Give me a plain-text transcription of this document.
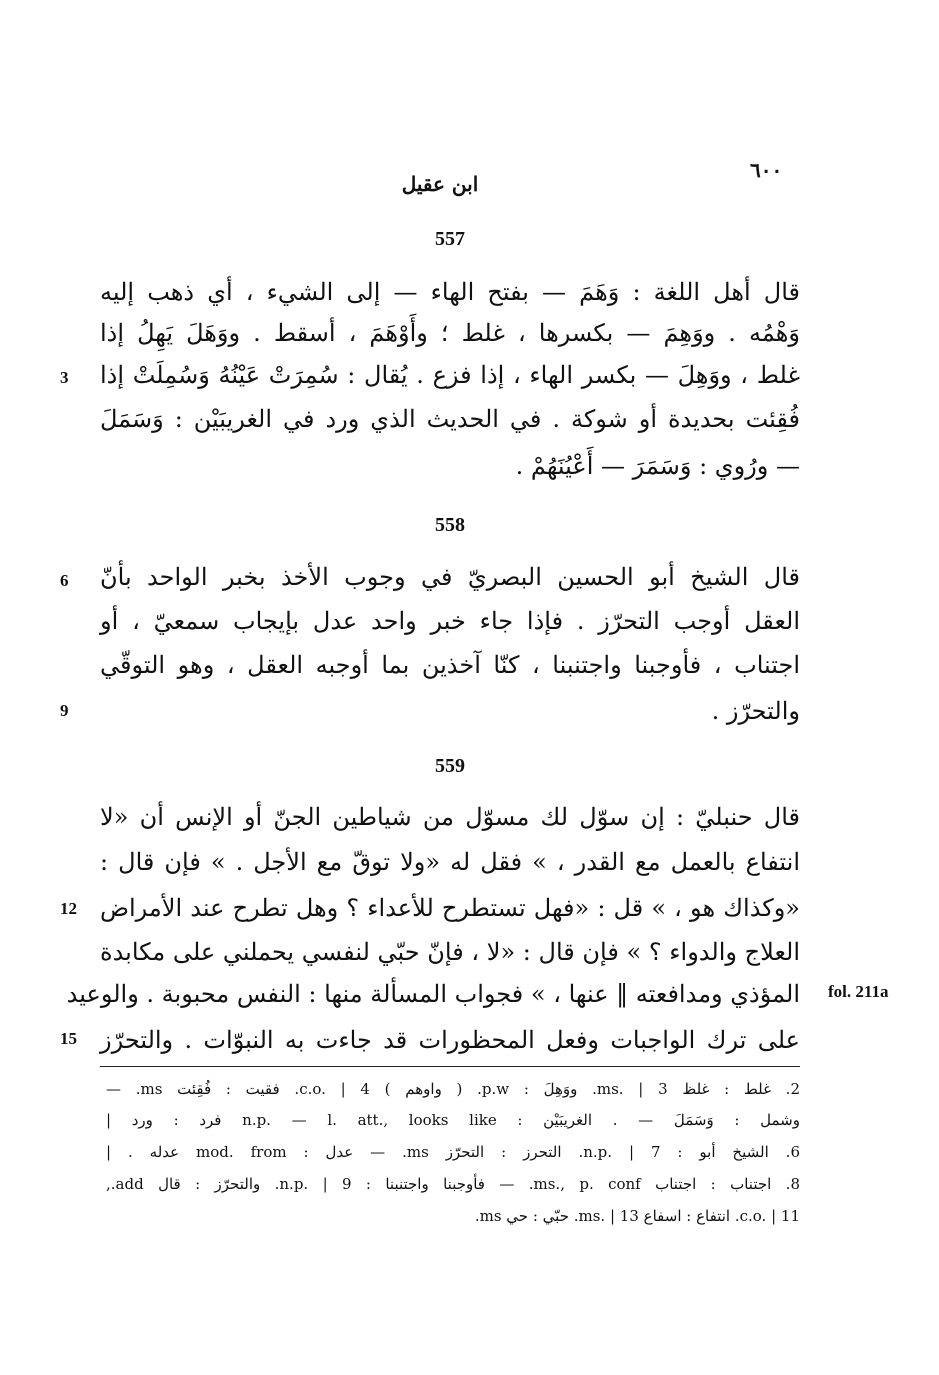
٦٠٠
ابن عقيل
557
قال أهل اللغة : وَهَمَ — بفتح الهاء — إلى الشيء ، أي ذهب إليه
وَهْمُه . ووَهِمَ — بكسرها ، غلط ؛ وأَوْهَمَ ، أسقط . ووَهَلَ يَهِلُ إذا
غلط ، ووَهِلَ — بكسر الهاء ، إذا فزع . يُقال : سُمِرَتْ عَيْنُهُ وَسُمِلَتْ إذا
فُقِئت بحديدة أو شوكة . في الحديث الذي ورد في الغريبَيْن : وَسَمَلَ
— ورُوي : وَسَمَرَ — أَعْيُنَهُمْ .
558
قال الشيخ أبو الحسين البصريّ في وجوب الأخذ بخبر الواحد بأنّ
العقل أوجب التحرّز . فإذا جاء خبر واحد عدل بإيجاب سمعيّ ، أو
اجتناب ، فأوجبنا واجتنبنا ، كنّا آخذين بما أوجبه العقل ، وهو التوقّي
والتحرّز .
559
قال حنبليّ : إن سوّل لك مسوّل من شياطين الجنّ أو الإنس أن «لا
انتفاع بالعمل مع القدر ، » فقل له «ولا توقّ مع الأجل . » فإن قال :
«وكذاك هو ، » قل : «فهل تستطرح للأعداء ؟ وهل تطرح عند الأمراض
العلاج والدواء ؟ » فإن قال : «لا ، فإنّ حبّي لنفسي يحملني على مكابدة
المؤذي ومدافعته ‖ عنها ، » فجواب المسألة منها : النفس محبوبة . والوعيد
على ترك الواجبات وفعل المحظورات قد جاءت به النبوّات . والتحرّز
3
6
9
12
15
fol. 211a
2. غلط : غلظ ms. | 3. ووَهِلَ : p.w. ( واوهم ) c.o. | 4. فقيت : فُقِئت ms. —
وشمل : وَسَمَلَ — . الغريبَيْن : n.p. — l. att., looks like فرد : ورد |
6. الشيخ أبو : n.p. | 7. التحرز : التحرّز ms. — عدل : mod. from عدله . |
8. اجتناب : اجتناب ms., p. conf. — فأوجبنا واجتنبنا : n.p. | 9. والتحرّز : قال add.,
c.o. | 11. انتفاع : اسفاع ms. | 13. حبّي : حي ms.
